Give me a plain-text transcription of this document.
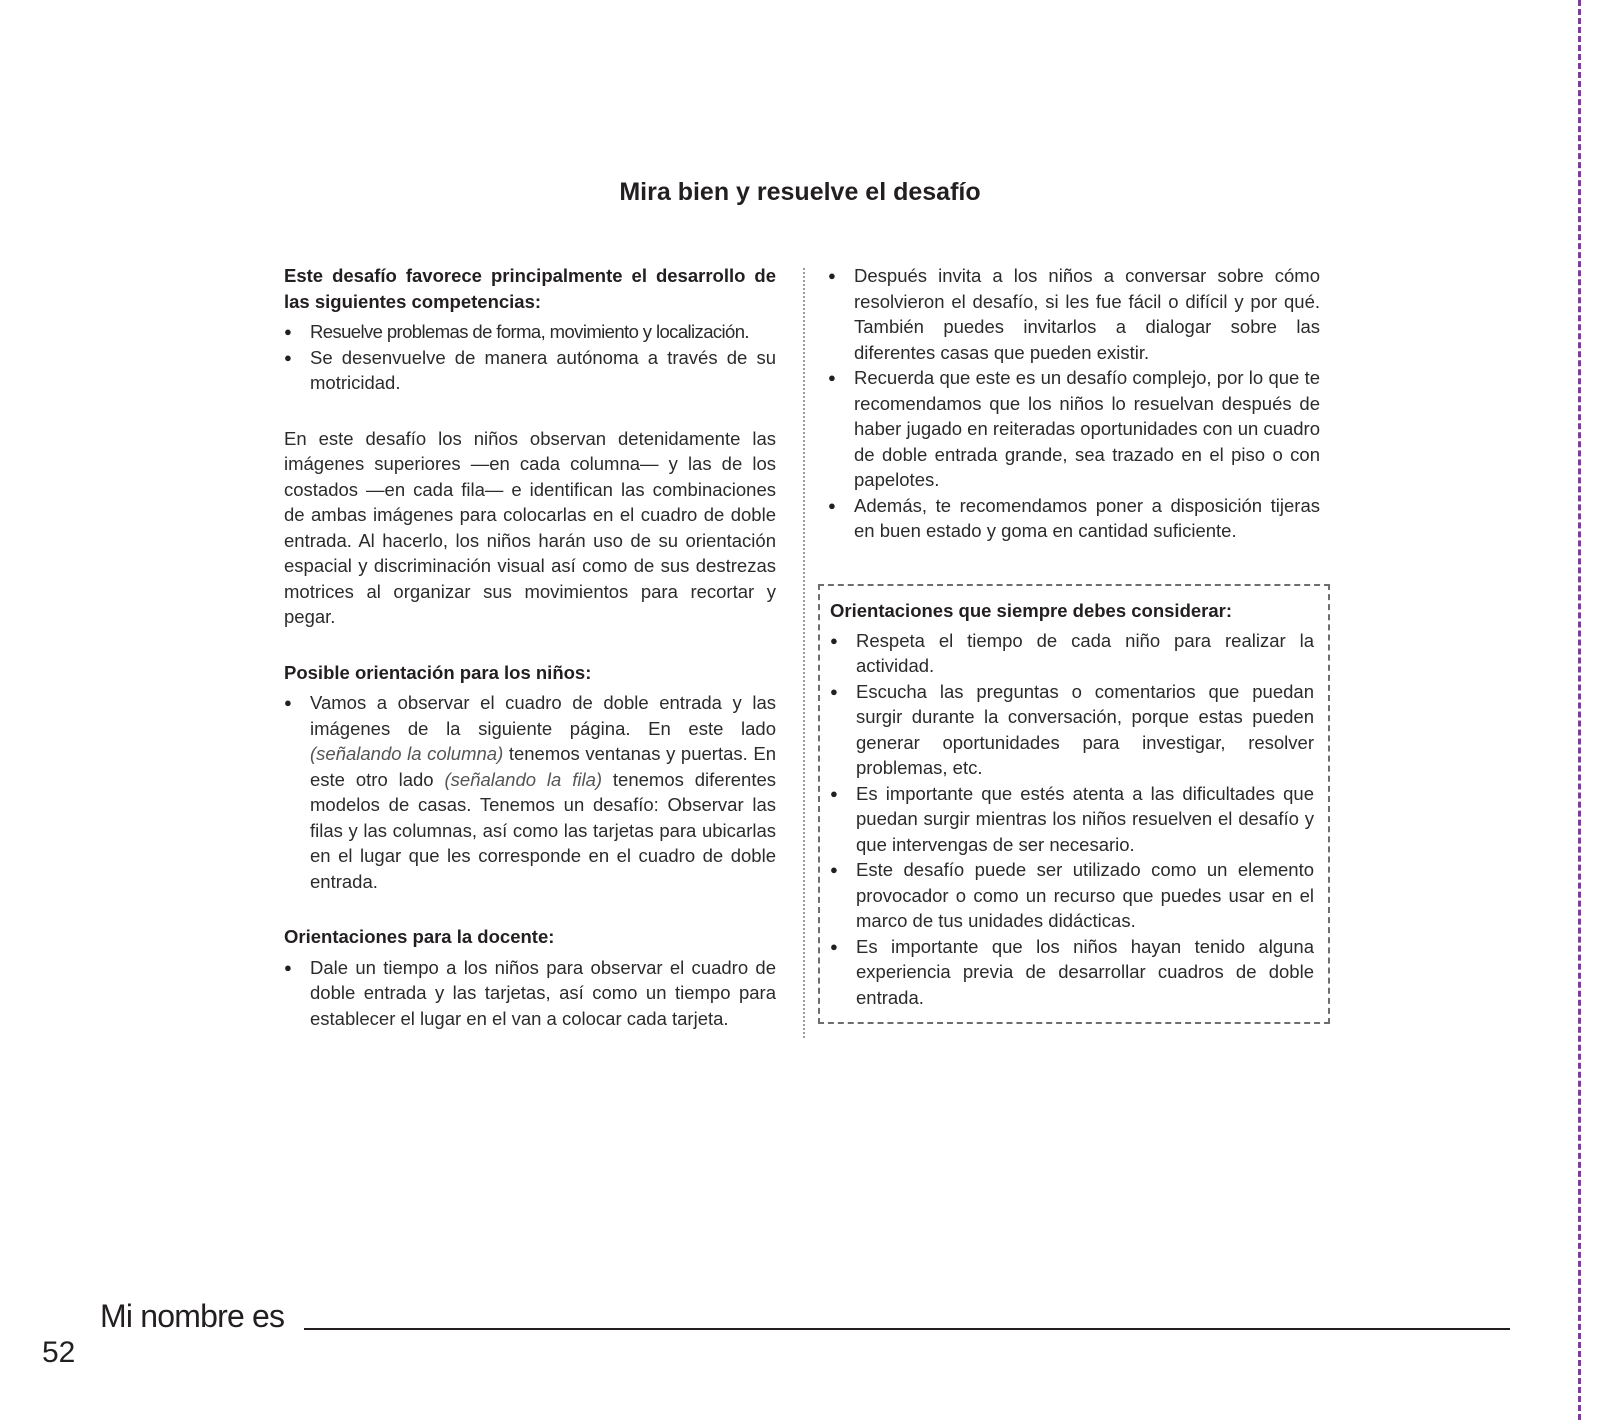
Mira bien y resuelve el desafío

Este desafío favorece principalmente el desarrollo de las siguientes competencias:

● Resuelve problemas de forma, movimiento y localización.
● Se desenvuelve de manera autónoma a través de su motricidad.

En este desafío los niños observan detenidamente las imágenes superiores —en cada columna— y las de los costados —en cada fila— e identifican las combinaciones de ambas imágenes para colocarlas en el cuadro de doble entrada. Al hacerlo, los niños harán uso de su orientación espacial y discriminación visual así como de sus destrezas motrices al organizar sus movimientos para recortar y pegar.

Posible orientación para los niños:

● Vamos a observar el cuadro de doble entrada y las imágenes de la siguiente página. En este lado (señalando la columna) tenemos ventanas y puertas. En este otro lado (señalando la fila) tenemos diferentes modelos de casas. Tenemos un desafío: Observar las filas y las columnas, así como las tarjetas para ubicarlas en el lugar que les corresponde en el cuadro de doble entrada.

Orientaciones para la docente:

● Dale un tiempo a los niños para observar el cuadro de doble entrada y las tarjetas, así como un tiempo para establecer el lugar en el van a colocar cada tarjeta.
● Después invita a los niños a conversar sobre cómo resolvieron el desafío, si les fue fácil o difícil y por qué. También puedes invitarlos a dialogar sobre las diferentes casas que pueden existir.
● Recuerda que este es un desafío complejo, por lo que te recomendamos que los niños lo resuelvan después de haber jugado en reiteradas oportunidades con un cuadro de doble entrada grande, sea trazado en el piso o con papelotes.
● Además, te recomendamos poner a disposición tijeras en buen estado y goma en cantidad suficiente.

Orientaciones que siempre debes considerar:

● Respeta el tiempo de cada niño para realizar la actividad.
● Escucha las preguntas o comentarios que puedan surgir durante la conversación, porque estas pueden generar oportunidades para investigar, resolver problemas, etc.
● Es importante que estés atenta a las dificultades que puedan surgir mientras los niños resuelven el desafío y que intervengas de ser necesario.
● Este desafío puede ser utilizado como un elemento provocador o como un recurso que puedes usar en el marco de tus unidades didácticas.
● Es importante que los niños hayan tenido alguna experiencia previa de desarrollar cuadros de doble entrada.
Mi nombre es
52
